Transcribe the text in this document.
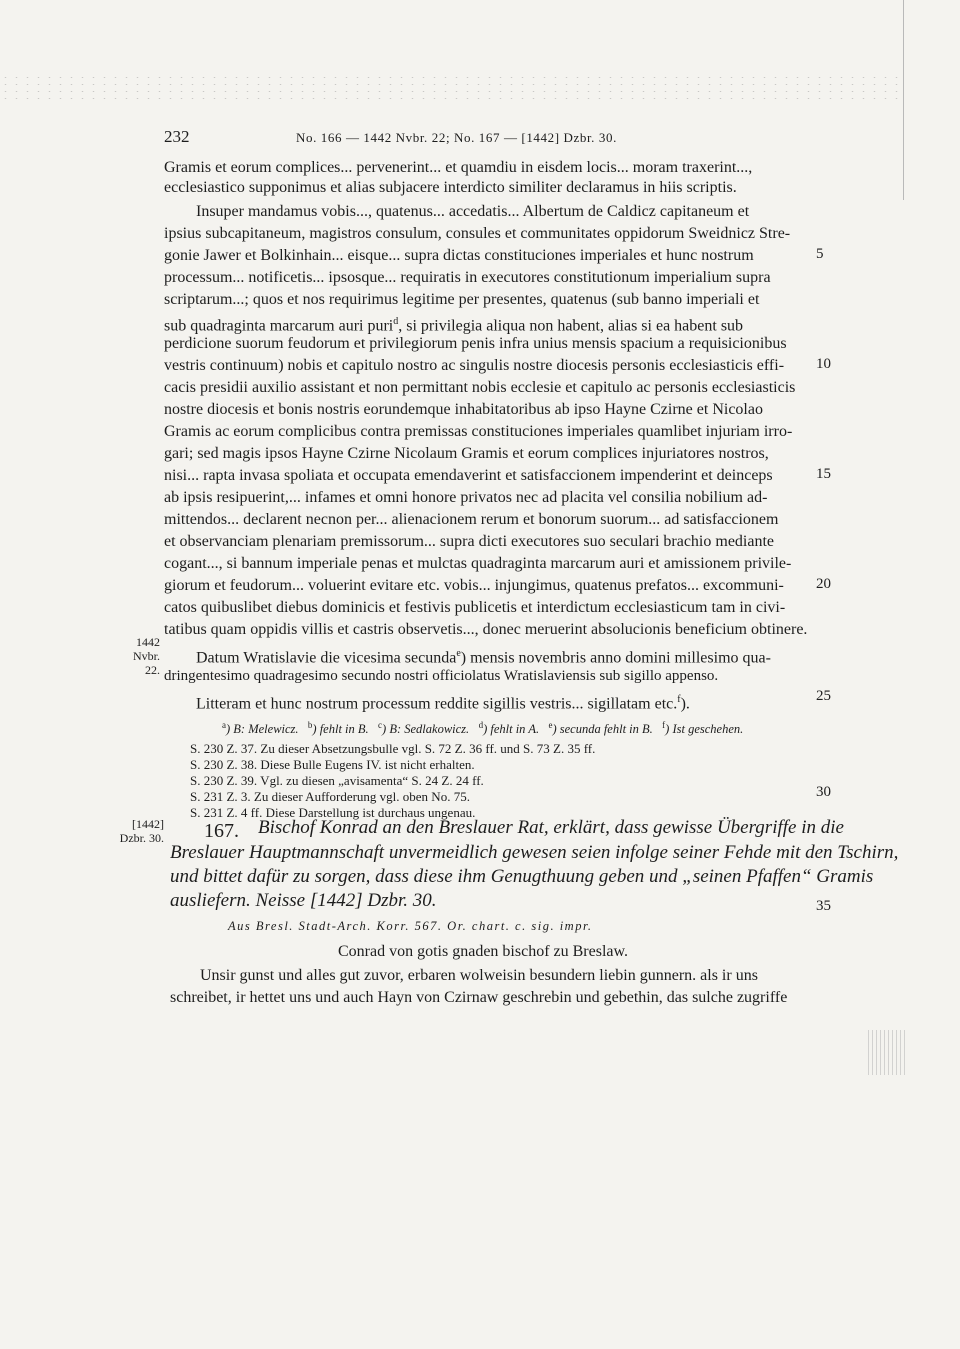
232	No. 166 — 1442 Nvbr. 22; No. 167 — [1442] Dzbr. 30.
Gramis et eorum complices... pervenerint... et quamdiu in eisdem locis... moram traxerint...,
ecclesiastico supponimus et alias subjacere interdicto similiter declaramus in hiis scriptis.
Insuper mandamus vobis..., quatenus... accedatis... Albertum de Caldicz capitaneum et
ipsius subcapitaneum, magistros consulum, consules et communitates oppidorum Sweidnicz Stre-
gonie Jawer et Bolkinhain... eisque... supra dictas constituciones imperiales et hunc nostrum
processum... notificetis... ipsosque... requiratis in executores constitutionum imperialium supra
scriptarum...; quos et nos requirimus legitime per presentes, quatenus (sub banno imperiali et
sub quadraginta marcarum auri puri$^d$, si privilegia aliqua non habent, alias si ea habent sub
perdicione suorum feudorum et privilegiorum penis infra unius mensis spacium a requisicionibus
vestris continuum) nobis et capitulo nostro ac singulis nostre diocesis personis ecclesiasticis effi-
cacis presidii auxilio assistant et non permittant nobis ecclesie et capitulo ac personis ecclesiasticis
nostre diocesis et bonis nostris eorundemque inhabitatoribus ab ipso Hayne Czirne et Nicolao
Gramis ac eorum complicibus contra premissas constituciones imperiales quamlibet injuriam irro-
gari; sed magis ipsos Hayne Czirne Nicolaum Gramis et eorum complices injuriatores nostros,
nisi... rapta invasa spoliata et occupata emendaverint et satisfaccionem impenderint et deinceps
ab ipsis resipuerint,... infames et omni honore privatos nec ad placita vel consilia nobilium ad-
mittendos... declarent necnon per... alienacionem rerum et bonorum suorum... ad satisfaccionem
et observanciam plenariam premissorum... supra dicti executores suo seculari brachio mediante
cogant..., si bannum imperiale penas et mulctas quadraginta marcarum auri et amissionem privile-
giorum et feudorum... voluerint evitare etc. vobis... injungimus, quatenus prefatos... excommuni-
catos quibuslibet diebus dominicis et festivis publicetis et interdictum ecclesiasticum tam in civi-
tatibus quam oppidis villis et castris observetis..., donec meruerint absolucionis beneficium obtinere.
Datum Wratislavie die vicesima secunda$^e$) mensis novembris anno domini millesimo qua-
dringentesimo quadragesimo secundo nostri officiolatus Wratislaviensis sub sigillo appenso.
Litteram et hunc nostrum processum reddite sigillis vestris... sigillatam etc.$^f$).
5
10
15
20
25
30
35
1442
Nvbr. 22.
$^a$) B: Melewicz. $^b$) fehlt in B. $^c$) B: Sedlakowicz. $^d$) fehlt in A. $^e$) secunda fehlt in B. $^f$) Ist geschehen.
S. 230 Z. 37. Zu dieser Absetzungsbulle vgl. S. 72 Z. 36 ff. und S. 73 Z. 35 ff.
S. 230 Z. 38. Diese Bulle Eugens IV. ist nicht erhalten.
S. 230 Z. 39. Vgl. zu diesen „avisamenta“ S. 24 Z. 24 ff.
S. 231 Z. 3. Zu dieser Aufforderung vgl. oben No. 75.
S. 231 Z. 4 ff. Diese Darstellung ist durchaus ungenau.
[1442]
Dzbr. 30. 167. Bischof Konrad an den Breslauer Rat, erklärt, dass gewisse Übergriffe in die
Breslauer Hauptmannschaft unvermeidlich gewesen seien infolge seiner Fehde mit den Tschirn,
und bittet dafür zu sorgen, dass diese ihm Genugthuung geben und „seinen Pfaffen“ Gramis
ausliefern. Neisse [1442] Dzbr. 30.
Aus Bresl. Stadt-Arch. Korr. 567. Or. chart. c. sig. impr.
Conrad von gotis gnaden bischof zu Breslaw.
Unsir gunst und alles gut zuvor, erbaren wolweisin besundern liebin gunnern. als ir uns
schreibet, ir hettet uns und auch Hayn von Czirnaw geschrebin und gebethin, das sulche zugriffe
